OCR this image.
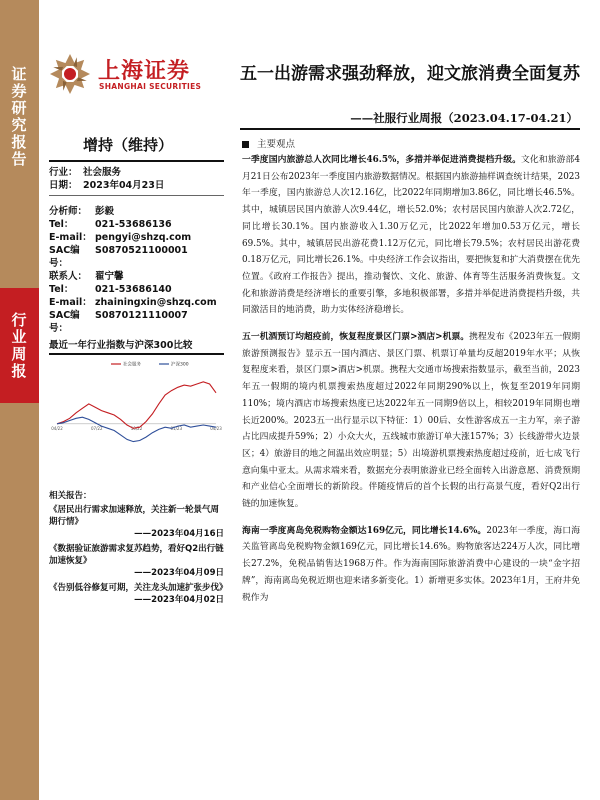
证券研究报告
行业周报
上海证券
SHANGHAI SECURITIES
五一出游需求强劲释放，迎文旅消费全面复苏
——社服行业周报（2023.04.17-04.21）
主要观点
增持（维持）
行业： 社会服务
日期： 2023年04月23日
分析师： 彭毅
Tel：	021-53686136
E-mail： pengyi@shzq.com
SAC编号：
S0870521100001
联系人： 翟宁馨
Tel：	021-53686140
E-mail： zhainingxin@shzq.com
SAC编号：
S0870121110007
最近一年行业指数与沪深300比较
社会服务	沪深300
04/22	07/22	10/22	01/23	04/23
相关报告：
《居民出行需求加速释放，关注新一轮景气周期行情》
——2023年04月16日
《数据验证旅游需求复苏趋势，看好Q2出行链加速恢复》
——2023年04月09日
《告别低谷修复可期，关注龙头加速扩张步伐》
——2023年04月02日

一季度国内旅游总人次同比增长46.5%，多措并举促进消费提档升级。文化和旅游部4月21日公布2023年一季度国内旅游数据情况。根据国内旅游抽样调查统计结果，2023年一季度，国内旅游总人次12.16亿，比2022年同期增加3.86亿，同比增长46.5%。其中，城镇居民国内旅游人次9.44亿，增长52.0%；农村居民国内旅游人次2.72亿，同比增长30.1%。国内旅游收入1.30万亿元，比2022年增加0.53万亿元，增长69.5%。其中，城镇居民出游花费1.12万亿元，同比增长79.5%；农村居民出游花费0.18万亿元，同比增长26.1%。中央经济工作会议指出，要把恢复和扩大消费摆在优先位置。《政府工作报告》提出，推动餐饮、文化、旅游、体育等生活服务消费恢复。文化和旅游消费是经济增长的重要引擎，多地积极部署，多措并举促进消费提档升级，共同激活目的地消费，助力实体经济稳增长。

五一机酒预订均超疫前，恢复程度景区门票>酒店>机票。携程发布《2023年五一假期旅游预测报告》显示五一国内酒店、景区门票、机票订单量均反超2019年水平；从恢复程度来看，景区门票>酒店>机票。携程大交通市场搜索指数显示，截至当前，2023年五一假期的境内机票搜索热度超过2022年同期290%以上，恢复至2019年同期110%；境内酒店市场搜索热度已达2022年五一同期9倍以上，相较2019年同期也增长近200%。2023五一出行显示以下特征：1）00后、女性游客成五一主力军，亲子游占比四成提升59%；2）小众大火，五线城市旅游订单大涨157%；3）长线游带火边景区；4）旅游目的地之间温出效应明显；5）出境游机票搜索热度超过疫前，近七成飞行意向集中亚太。从需求端来看，数据充分表明旅游业已经全面转入出游意愿、消费预期和产业信心全面增长的新阶段。伴随疫情后的首个长假的出行高景气度，看好Q2出行链的加速恢复。

海南一季度离岛免税购物金额达169亿元，同比增长14.6%。2023年一季度，海口海关监管离岛免税购物金额169亿元，同比增长14.6%。购物旅客达224万人次，同比增长27.2%，免税品销售达1968万件。作为海南国际旅游消费中心建设的一块“金字招牌”，海南离岛免税近期也迎来诸多新变化。1）新增更多实体。2023年1月，王府井免税作为
